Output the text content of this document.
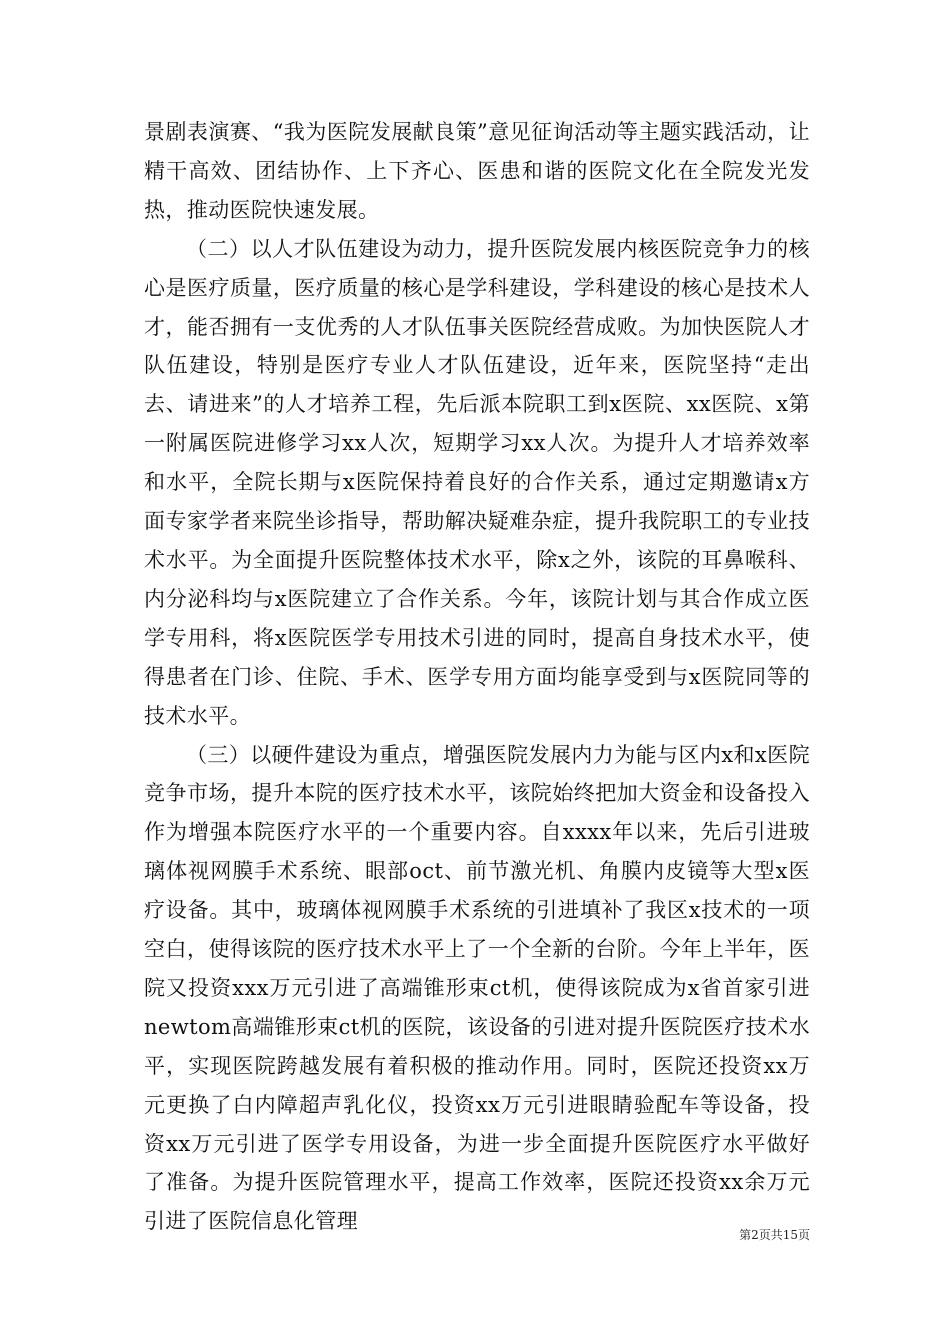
景剧表演赛、“我为医院发展献良策”意见征询活动等主题实践活动，让精干高效、团结协作、上下齐心、医患和谐的医院文化在全院发光发热，推动医院快速发展。

（二）以人才队伍建设为动力，提升医院发展内核医院竞争力的核心是医疗质量，医疗质量的核心是学科建设，学科建设的核心是技术人才，能否拥有一支优秀的人才队伍事关医院经营成败。为加快医院人才队伍建设，特别是医疗专业人才队伍建设，近年来，医院坚持“走出去、请进来”的人才培养工程，先后派本院职工到x医院、xx医院、x第一附属医院进修学习xx人次，短期学习xx人次。为提升人才培养效率和水平，全院长期与x医院保持着良好的合作关系，通过定期邀请x方面专家学者来院坐诊指导，帮助解决疑难杂症，提升我院职工的专业技术水平。为全面提升医院整体技术水平，除x之外，该院的耳鼻喉科、内分泌科均与x医院建立了合作关系。今年，该院计划与其合作成立医学专用科，将x医院医学专用技术引进的同时，提高自身技术水平，使得患者在门诊、住院、手术、医学专用方面均能享受到与x医院同等的技术水平。

（三）以硬件建设为重点，增强医院发展内力为能与区内x和x医院竞争市场，提升本院的医疗技术水平，该院始终把加大资金和设备投入作为增强本院医疗水平的一个重要内容。自xxxx年以来，先后引进玻璃体视网膜手术系统、眼部oct、前节激光机、角膜内皮镜等大型x医疗设备。其中，玻璃体视网膜手术系统的引进填补了我区x技术的一项空白，使得该院的医疗技术水平上了一个全新的台阶。今年上半年，医院又投资xxx万元引进了高端锥形束ct机，使得该院成为x省首家引进newtom高端锥形束ct机的医院，该设备的引进对提升医院医疗技术水平，实现医院跨越发展有着积极的推动作用。同时，医院还投资xx万元更换了白内障超声乳化仪，投资xx万元引进眼睛验配车等设备，投资xx万元引进了医学专用设备，为进一步全面提升医院医疗水平做好了准备。为提升医院管理水平，提高工作效率，医院还投资xx余万元引进了医院信息化管理

第2页共15页
